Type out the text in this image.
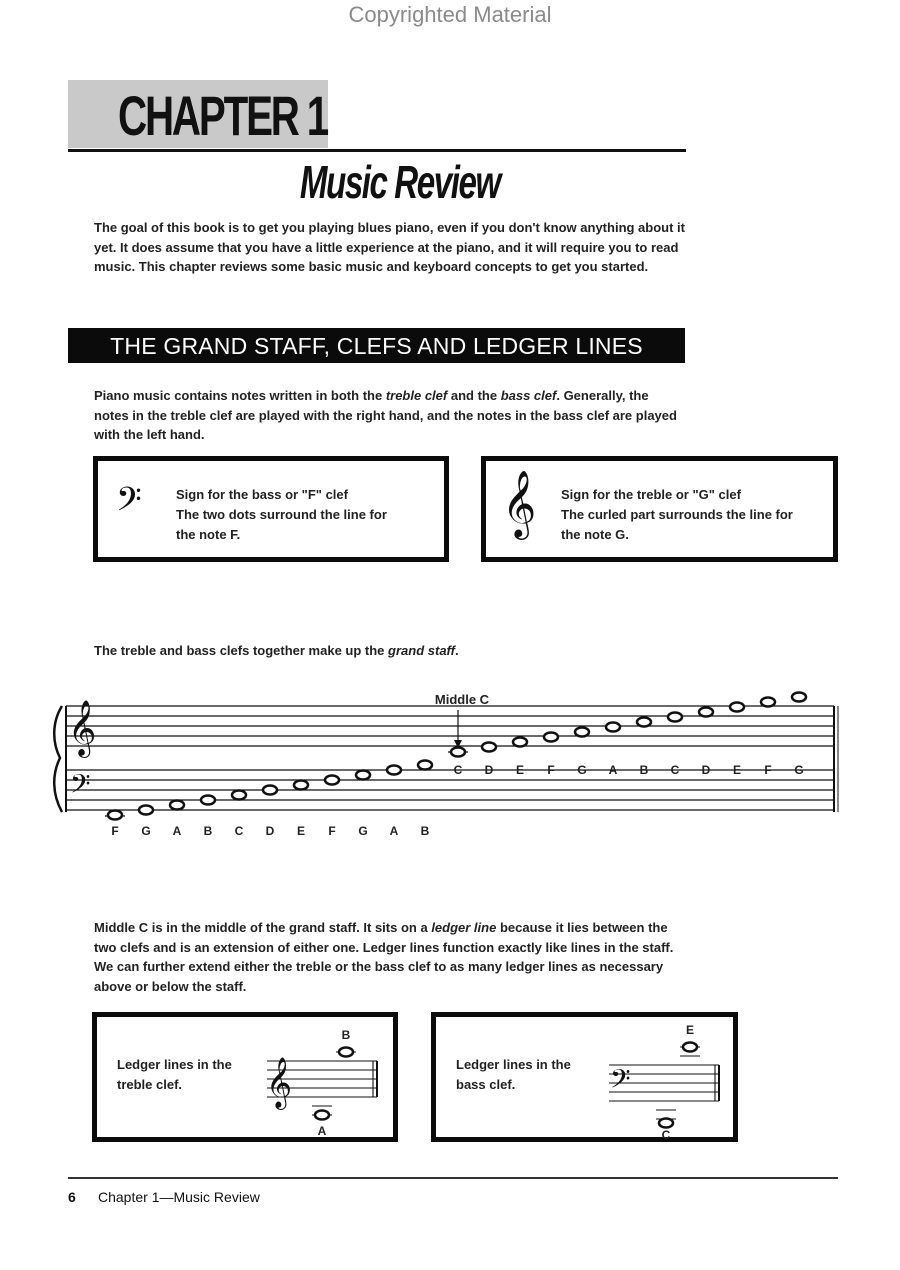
Copyrighted Material
CHAPTER 1
Music Review
The goal of this book is to get you playing blues piano, even if you don't know anything about it yet. It does assume that you have a little experience at the piano, and it will require you to read music. This chapter reviews some basic music and keyboard concepts to get you started.
THE GRAND STAFF, CLEFS AND LEDGER LINES
Piano music contains notes written in both the treble clef and the bass clef. Generally, the notes in the treble clef are played with the right hand, and the notes in the bass clef are played with the left hand.
𝄢	Sign for the bass or "F" clef
The two dots surround the line for
the note F.	𝄞 Sign for the treble or "G" clef
The curled part surrounds the line for
the note G.
The treble and bass clefs together make up the grand staff.
𝄞
𝄢
Middle C
F G A B C D E F G A B
C D E F G A B C D E F G
Middle C is in the middle of the grand staff. It sits on a ledger line because it lies between the two clefs and is an extension of either one. Ledger lines function exactly like lines in the staff. We can further extend either the treble or the bass clef to as many ledger lines as necessary above or below the staff.
Ledger lines in the
treble clef.	𝄞
B
A
Ledger lines in the
bass clef.	𝄢
E
C
6 Chapter 1—Music Review
